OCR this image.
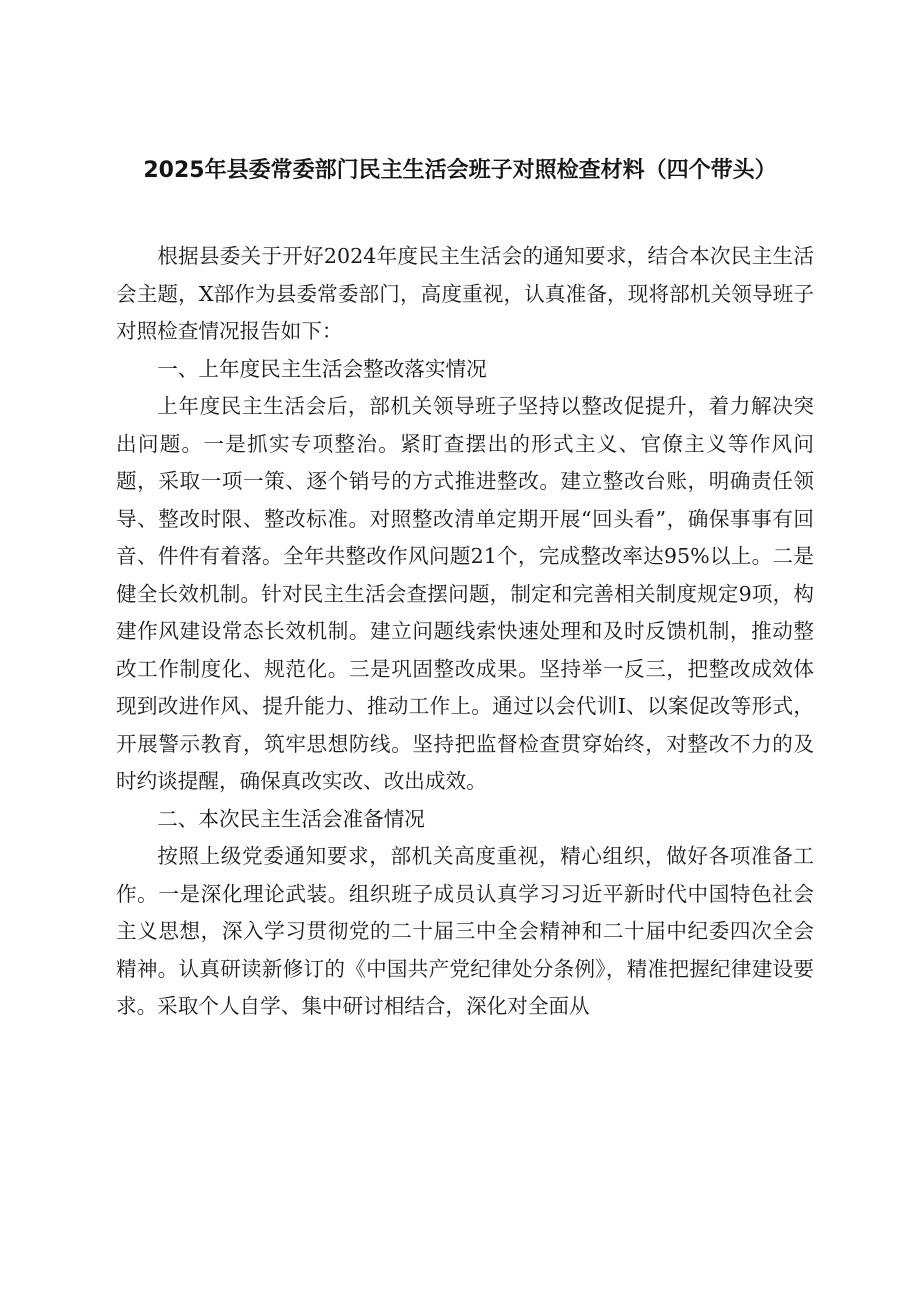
2025年县委常委部门民主生活会班子对照检查材料（四个带头）

根据县委关于开好2024年度民主生活会的通知要求，结合本次民主生活会主题，X部作为县委常委部门，高度重视，认真准备，现将部机关领导班子对照检查情况报告如下：

一、上年度民主生活会整改落实情况

上年度民主生活会后，部机关领导班子坚持以整改促提升，着力解决突出问题。一是抓实专项整治。紧盯查摆出的形式主义、官僚主义等作风问题，采取一项一策、逐个销号的方式推进整改。建立整改台账，明确责任领导、整改时限、整改标准。对照整改清单定期开展“回头看”，确保事事有回音、件件有着落。全年共整改作风问题21个，完成整改率达95%以上。二是健全长效机制。针对民主生活会查摆问题，制定和完善相关制度规定9项，构建作风建设常态长效机制。建立问题线索快速处理和及时反馈机制，推动整改工作制度化、规范化。三是巩固整改成果。坚持举一反三，把整改成效体现到改进作风、提升能力、推动工作上。通过以会代训I、以案促改等形式，开展警示教育，筑牢思想防线。坚持把监督检查贯穿始终，对整改不力的及时约谈提醒，确保真改实改、改出成效。

二、本次民主生活会准备情况

按照上级党委通知要求，部机关高度重视，精心组织，做好各项准备工作。一是深化理论武装。组织班子成员认真学习习近平新时代中国特色社会主义思想，深入学习贯彻党的二十届三中全会精神和二十届中纪委四次全会精神。认真研读新修订的《中国共产党纪律处分条例》，精准把握纪律建设要求。采取个人自学、集中研讨相结合，深化对全面从
